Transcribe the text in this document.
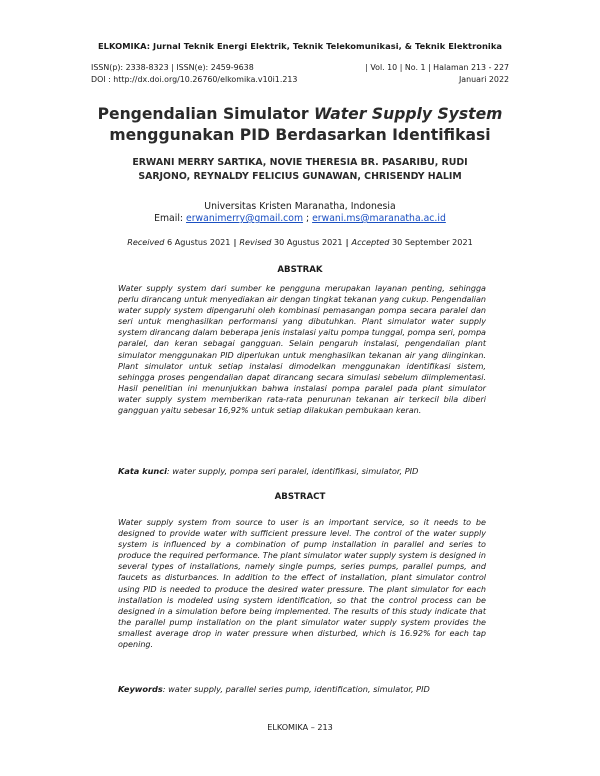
ELKOMIKA: Jurnal Teknik Energi Elektrik, Teknik Telekomunikasi, & Teknik Elektronika
ISSN(p): 2338-8323 | ISSN(e): 2459-9638
DOI : http://dx.doi.org/10.26760/elkomika.v10i1.213
| Vol. 10 | No. 1 | Halaman 213 - 227
Januari 2022
Pengendalian Simulator Water Supply System
menggunakan PID Berdasarkan Identifikasi
ERWANI MERRY SARTIKA, NOVIE THERESIA BR. PASARIBU, RUDI
SARJONO, REYNALDY FELICIUS GUNAWAN, CHRISENDY HALIM
Universitas Kristen Maranatha, Indonesia
Email: erwanimerry@gmail.com ; erwani.ms@maranatha.ac.id
Received 6 Agustus 2021 | Revised 30 Agustus 2021 | Accepted 30 September 2021
ABSTRAK

Water supply system dari sumber ke pengguna merupakan layanan penting, sehingga perlu dirancang untuk menyediakan air dengan tingkat tekanan yang cukup. Pengendalian water supply system dipengaruhi oleh kombinasi pemasangan pompa secara paralel dan seri untuk menghasilkan performansi yang dibutuhkan. Plant simulator water supply system dirancang dalam beberapa jenis instalasi yaitu pompa tunggal, pompa seri, pompa paralel, dan keran sebagai gangguan. Selain pengaruh instalasi, pengendalian plant simulator menggunakan PID diperlukan untuk menghasilkan tekanan air yang diinginkan. Plant simulator untuk setiap instalasi dimodelkan menggunakan identifikasi sistem, sehingga proses pengendalian dapat dirancang secara simulasi sebelum diimplementasi. Hasil penelitian ini menunjukkan bahwa instalasi pompa paralel pada plant simulator water supply system memberikan rata-rata penurunan tekanan air terkecil bila diberi gangguan yaitu sebesar 16,92% untuk setiap dilakukan pembukaan keran.

Kata kunci: water supply, pompa seri paralel, identifikasi, simulator, PID
ABSTRACT

Water supply system from source to user is an important service, so it needs to be designed to provide water with sufficient pressure level. The control of the water supply system is influenced by a combination of pump installation in parallel and series to produce the required performance. The plant simulator water supply system is designed in several types of installations, namely single pumps, series pumps, parallel pumps, and faucets as disturbances. In addition to the effect of installation, plant simulator control using PID is needed to produce the desired water pressure. The plant simulator for each installation is modeled using system identification, so that the control process can be designed in a simulation before being implemented. The results of this study indicate that the parallel pump installation on the plant simulator water supply system provides the smallest average drop in water pressure when disturbed, which is 16.92% for each tap opening.

Keywords: water supply, parallel series pump, identification, simulator, PID
ELKOMIKA – 213
